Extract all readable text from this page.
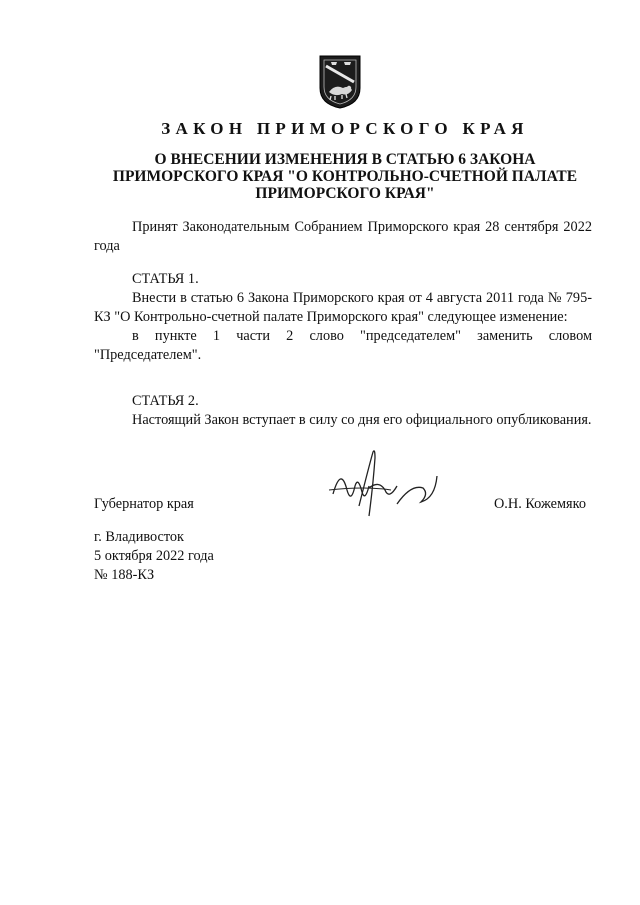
ЗАКОН ПРИМОРСКОГО КРАЯ
О ВНЕСЕНИИ ИЗМЕНЕНИЯ В СТАТЬЮ 6 ЗАКОНА
ПРИМОРСКОГО КРАЯ "О КОНТРОЛЬНО-СЧЕТНОЙ ПАЛАТЕ
ПРИМОРСКОГО КРАЯ"

Принят Законодательным Собранием Приморского края 28 сентября 2022 года

СТАТЬЯ 1.

Внести в статью 6 Закона Приморского края от 4 августа 2011 года № 795-КЗ "О Контрольно-счетной палате Приморского края" следующее изменение:

в пункте 1 части 2 слово "председателем" заменить словом "Председателем".

СТАТЬЯ 2.

Настоящий Закон вступает в силу со дня его официального опубликования.

Губернатор края	О.Н. Кожемяко
г. Владивосток
5 октября 2022 года
№ 188-КЗ
